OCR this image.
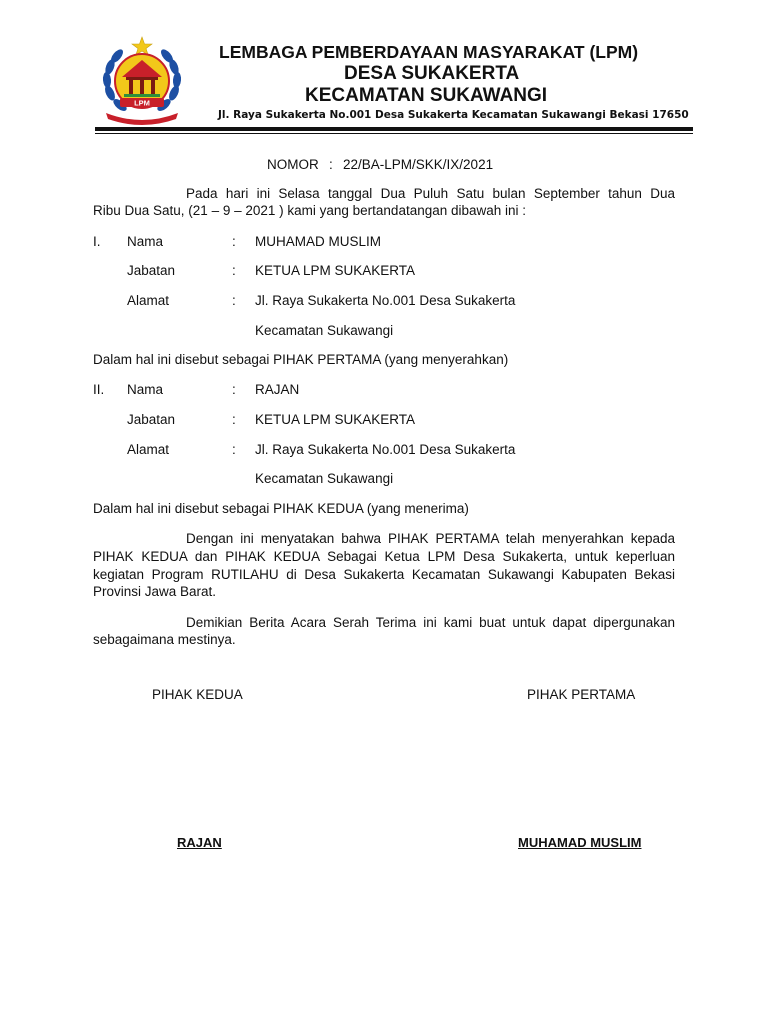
LPM
LEMBAGA PEMBERDAYAAN MASYARAKAT (LPM)
DESA SUKAKERTA
KECAMATAN SUKAWANGI
Jl. Raya Sukakerta No.001 Desa Sukakerta Kecamatan Sukawangi Bekasi 17650
NOMOR : 22/BA-LPM/SKK/IX/2021
Pada hari ini Selasa tanggal Dua Puluh Satu bulan September tahun Dua
Ribu Dua Satu, (21 – 9 – 2021 ) kami yang bertandatangan dibawah ini :
I. Nama	: MUHAMAD MUSLIM
Jabatan	: KETUA LPM SUKAKERTA
Alamat	: Jl. Raya Sukakerta No.001 Desa Sukakerta
Kecamatan Sukawangi
Dalam hal ini disebut sebagai PIHAK PERTAMA (yang menyerahkan)
II. Nama	: RAJAN
Jabatan	: KETUA LPM SUKAKERTA
Alamat	: Jl. Raya Sukakerta No.001 Desa Sukakerta
Kecamatan Sukawangi
Dalam hal ini disebut sebagai PIHAK KEDUA (yang menerima)
Dengan ini menyatakan bahwa PIHAK PERTAMA telah menyerahkan kepada
PIHAK KEDUA dan PIHAK KEDUA Sebagai Ketua LPM Desa Sukakerta, untuk keperluan
kegiatan Program RUTILAHU di Desa Sukakerta Kecamatan Sukawangi Kabupaten Bekasi
Provinsi Jawa Barat.
Demikian Berita Acara Serah Terima ini kami buat untuk dapat dipergunakan
sebagaimana mestinya.
PIHAK KEDUA	PIHAK PERTAMA
RAJAN	MUHAMAD MUSLIM
